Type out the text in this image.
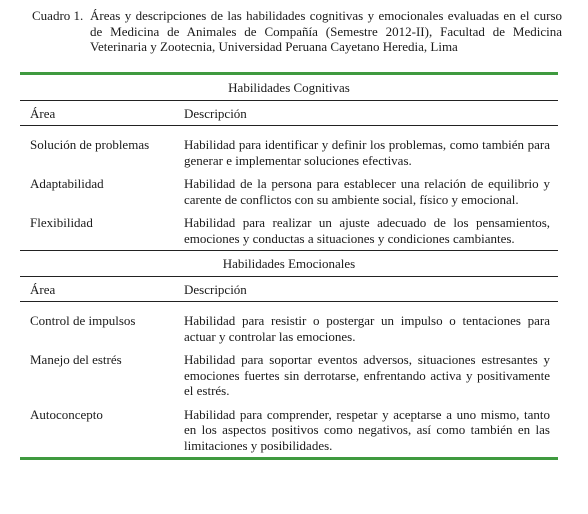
Cuadro 1. Áreas y descripciones de las habilidades cognitivas y emocionales evaluadas en el curso de Medicina de Animales de Compañía (Semestre 2012-II), Facultad de Medicina Veterinaria y Zootecnia, Universidad Peruana Cayetano Heredia, Lima
Habilidades Cognitivas
Área	Descripción
Solución de problemas	Habilidad para identificar y definir los problemas, como también para generar e implementar soluciones efectivas.
Adaptabilidad	Habilidad de la persona para establecer una relación de equilibrio y carente de conflictos con su ambiente social, físico y emocional.
Flexibilidad	Habilidad para realizar un ajuste adecuado de los pensamientos, emociones y conductas a situaciones y condiciones cambiantes.
Habilidades Emocionales
Área	Descripción
Control de impulsos	Habilidad para resistir o postergar un impulso o tentaciones para actuar y controlar las emociones.
Manejo del estrés	Habilidad para soportar eventos adversos, situaciones estresantes y emociones fuertes sin derrotarse, enfrentando activa y positivamente el estrés.
Autoconcepto	Habilidad para comprender, respetar y aceptarse a uno mismo, tanto en los aspectos positivos como negativos, así como también en las limitaciones y posibilidades.
